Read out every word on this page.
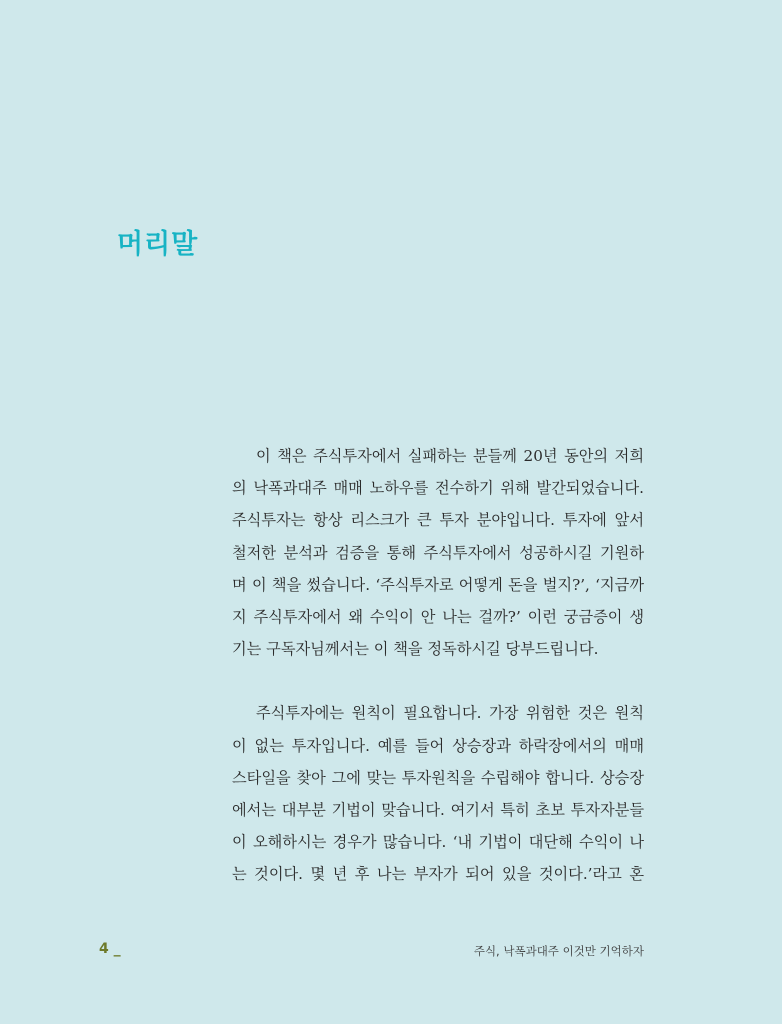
머리말

이 책은 주식투자에서 실패하는 분들께 20년 동안의 저희
의 낙폭과대주 매매 노하우를 전수하기 위해 발간되었습니다.
주식투자는 항상 리스크가 큰 투자 분야입니다. 투자에 앞서
철저한 분석과 검증을 통해 주식투자에서 성공하시길 기원하
며 이 책을 썼습니다. ‘주식투자로 어떻게 돈을 벌지?’, ‘지금까
지 주식투자에서 왜 수익이 안 나는 걸까?’ 이런 궁금증이 생
기는 구독자님께서는 이 책을 정독하시길 당부드립니다.

주식투자에는 원칙이 필요합니다. 가장 위험한 것은 원칙
이 없는 투자입니다. 예를 들어 상승장과 하락장에서의 매매
스타일을 찾아 그에 맞는 투자원칙을 수립해야 합니다. 상승장
에서는 대부분 기법이 맞습니다. 여기서 특히 초보 투자자분들
이 오해하시는 경우가 많습니다. ‘내 기법이 대단해 수익이 나
는 것이다. 몇 년 후 나는 부자가 되어 있을 것이다.’라고 혼

4 _	주식, 낙폭과대주 이것만 기억하자
